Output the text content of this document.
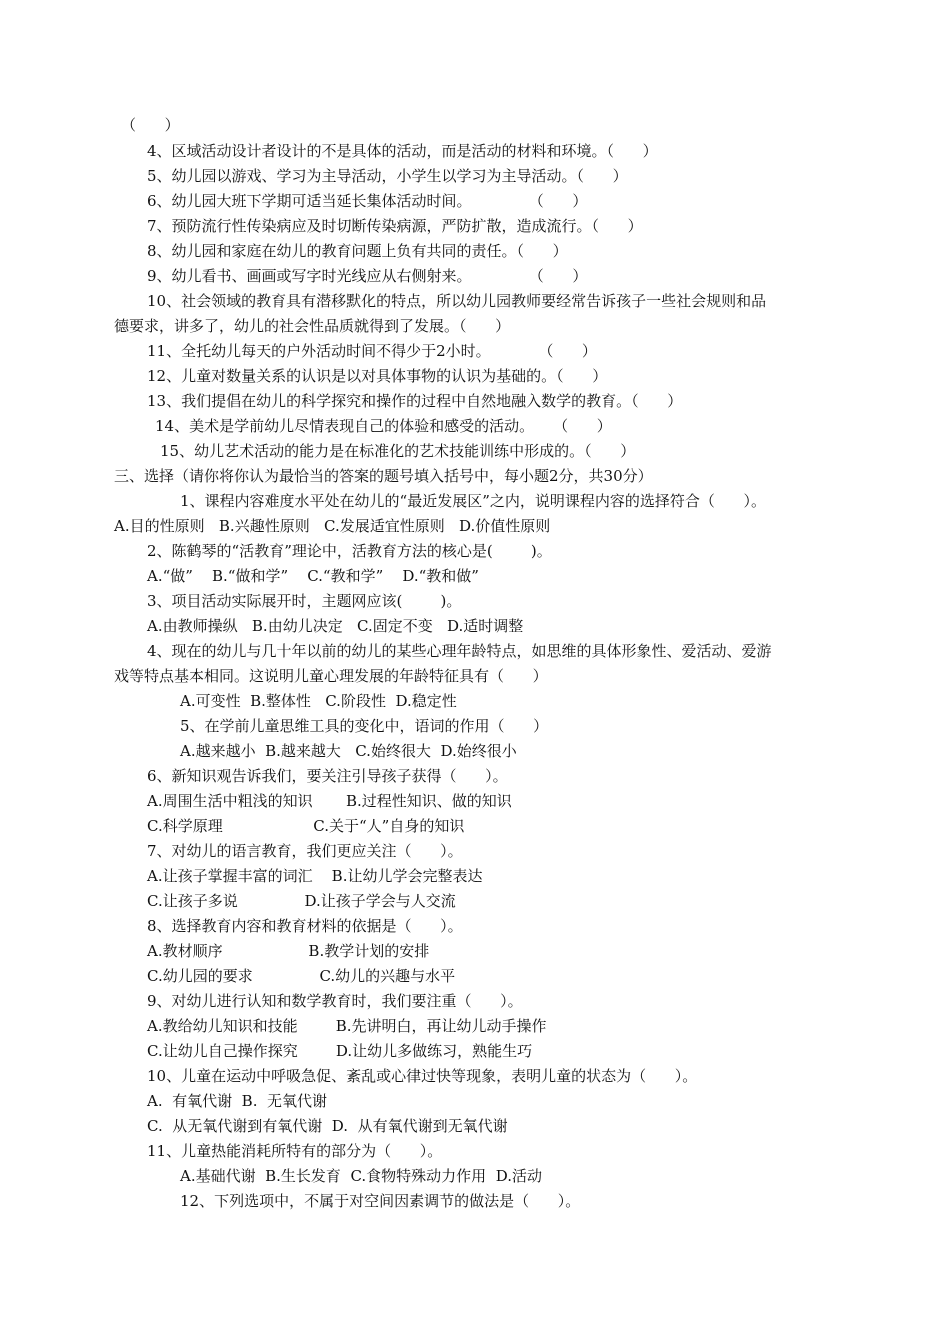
（      ）
4、区域活动设计者设计的不是具体的活动，而是活动的材料和环境。（      ）
5、幼儿园以游戏、学习为主导活动，小学生以学习为主导活动。（      ）
6、幼儿园大班下学期可适当延长集体活动时间。            （      ）
7、预防流行性传染病应及时切断传染病源，严防扩散，造成流行。（      ）
8、幼儿园和家庭在幼儿的教育问题上负有共同的责任。（      ）
9、幼儿看书、画画或写字时光线应从右侧射来。            （      ）
10、社会领域的教育具有潜移默化的特点，所以幼儿园教师要经常告诉孩子一些社会规则和品
德要求，讲多了，幼儿的社会性品质就得到了发展。（      ）
11、全托幼儿每天的户外活动时间不得少于2小时。          （      ）
12、儿童对数量关系的认识是以对具体事物的认识为基础的。（      ）
13、我们提倡在幼儿的科学探究和操作的过程中自然地融入数学的教育。（      ）
14、美术是学前幼儿尽情表现自己的体验和感受的活动。    （      ）
15、幼儿艺术活动的能力是在标准化的艺术技能训练中形成的。（      ）
三、选择（请你将你认为最恰当的答案的题号填入括号中，每小题2分，共30分）
1、课程内容难度水平处在幼儿的“最近发展区”之内，说明课程内容的选择符合（      ）。
A.目的性原则   B.兴趣性原则   C.发展适宜性原则   D.价值性原则
2、陈鹤琴的“活教育”理论中，活教育方法的核心是(        )。
A.“做”    B.“做和学”    C.“教和学”    D.“教和做”
3、项目活动实际展开时，主题网应该(        )。
A.由教师操纵   B.由幼儿决定   C.固定不变   D.适时调整
4、现在的幼儿与几十年以前的幼儿的某些心理年龄特点，如思维的具体形象性、爱活动、爱游
戏等特点基本相同。这说明儿童心理发展的年龄特征具有（      ）
A.可变性  B.整体性   C.阶段性  D.稳定性
5、在学前儿童思维工具的变化中，语词的作用（      ）
A.越来越小  B.越来越大   C.始终很大  D.始终很小
6、新知识观告诉我们，要关注引导孩子获得（      ）。
A.周围生活中粗浅的知识       B.过程性知识、做的知识
C.科学原理                   C.关于“人”自身的知识
7、对幼儿的语言教育，我们更应关注（      ）。
A.让孩子掌握丰富的词汇    B.让幼儿学会完整表达
C.让孩子多说              D.让孩子学会与人交流
8、选择教育内容和教育材料的依据是（      ）。
A.教材顺序                  B.教学计划的安排
C.幼儿园的要求              C.幼儿的兴趣与水平
9、对幼儿进行认知和数学教育时，我们要注重（      ）。
A.教给幼儿知识和技能        B.先讲明白，再让幼儿动手操作
C.让幼儿自己操作探究        D.让幼儿多做练习，熟能生巧
10、儿童在运动中呼吸急促、紊乱或心律过快等现象，表明儿童的状态为（      ）。
A.  有氧代谢  B.  无氧代谢
C.  从无氧代谢到有氧代谢  D.  从有氧代谢到无氧代谢
11、儿童热能消耗所特有的部分为（      ）。
A.基础代谢  B.生长发育  C.食物特殊动力作用  D.活动
12、下列选项中，不属于对空间因素调节的做法是（      ）。
